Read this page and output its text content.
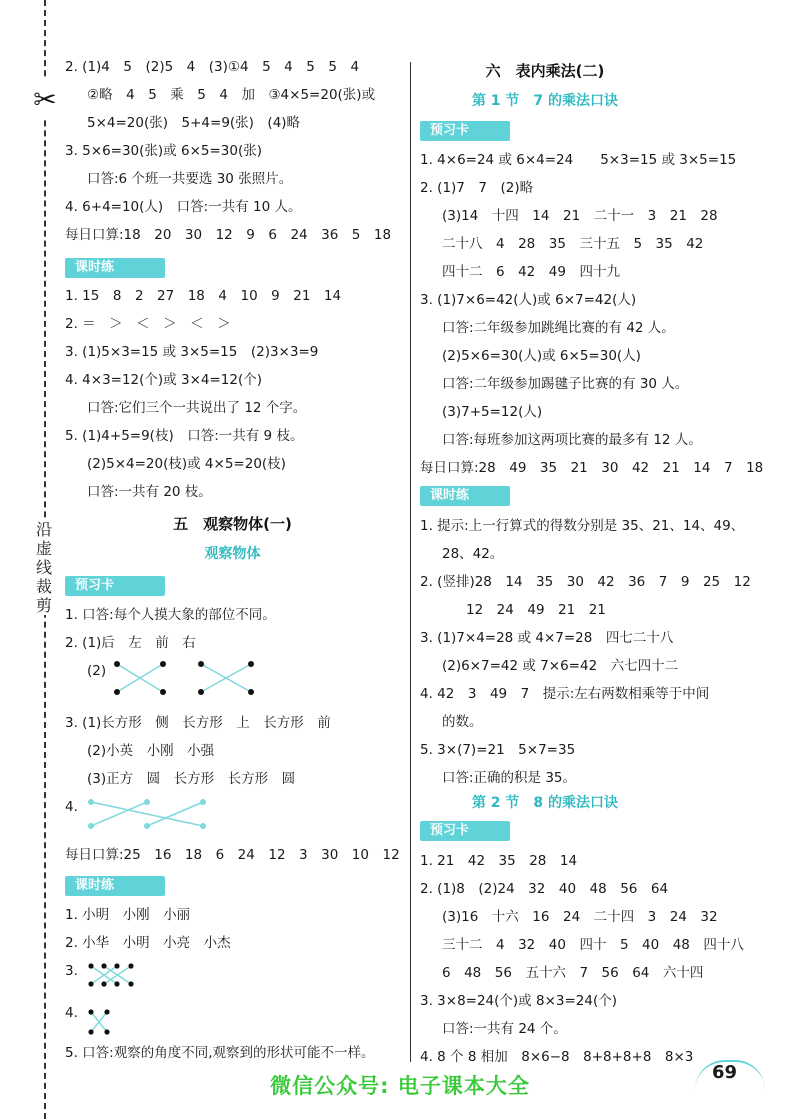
✂
沿虚线裁剪
2. (1)4　5　(2)5　4　(3)①4　5　4　5　5　4
②略　4　5　乘　5　4　加　③4×5=20(张)或
5×4=20(张)　5+4=9(张)　(4)略
3. 5×6=30(张)或 6×5=30(张)
口答:6 个班一共要选 30 张照片。
4. 6+4=10(人)　口答:一共有 10 人。
每日口算:18　20　30　12　9　6　24　36　5　18
课时练
1. 15　8　2　27　18　4　10　9　21　14
2. ＝　＞　＜　＞　＜　＞
3. (1)5×3=15 或 3×5=15　(2)3×3=9
4. 4×3=12(个)或 3×4=12(个)
口答:它们三个一共说出了 12 个字。
5. (1)4+5=9(枝)　口答:一共有 9 枝。
(2)5×4=20(枝)或 4×5=20(枝)
口答:一共有 20 枝。
五　观察物体(一)
观察物体
预习卡
1. 口答:每个人摸大象的部位不同。
2. (1)后　左　前　右
(2)
3. (1)长方形　侧　长方形　上　长方形　前
(2)小英　小刚　小强
(3)正方　圆　长方形　长方形　圆
4.
每日口算:25　16　18　6　24　12　3　30　10　12
课时练
1. 小明　小刚　小丽
2. 小华　小明　小亮　小杰
3.
4.
5. 口答:观察的角度不同,观察到的形状可能不一样。
六　表内乘法(二)
第 1 节　7 的乘法口诀
预习卡
1. 4×6=24 或 6×4=24　　5×3=15 或 3×5=15
2. (1)7　7　(2)略
(3)14　十四　14　21　二十一　3　21　28
二十八　4　28　35　三十五　5　35　42
四十二　6　42　49　四十九
3. (1)7×6=42(人)或 6×7=42(人)
口答:二年级参加跳绳比赛的有 42 人。
(2)5×6=30(人)或 6×5=30(人)
口答:二年级参加踢毽子比赛的有 30 人。
(3)7+5=12(人)
口答:每班参加这两项比赛的最多有 12 人。
每日口算:28　49　35　21　30　42　21　14　7　18
课时练
1. 提示:上一行算式的得数分别是 35、21、14、49、
28、42。
2. (竖排)28　14　35　30　42　36　7　9　25　12
12　24　49　21　21
3. (1)7×4=28 或 4×7=28　四七二十八
(2)6×7=42 或 7×6=42　六七四十二
4. 42　3　49　7　提示:左右两数相乘等于中间
的数。
5. 3×(7)=21　5×7=35
口答:正确的积是 35。
第 2 节　8 的乘法口诀
预习卡
1. 21　42　35　28　14
2. (1)8　(2)24　32　40　48　56　64
(3)16　十六　16　24　二十四　3　24　32
三十二　4　32　40　四十　5　40　48　四十八
6　48　56　五十六　7　56　64　六十四
3. 3×8=24(个)或 8×3=24(个)
口答:一共有 24 个。
4. 8 个 8 相加　8×6−8　8+8+8+8　8×3
69
微信公众号: 电子课本大全
